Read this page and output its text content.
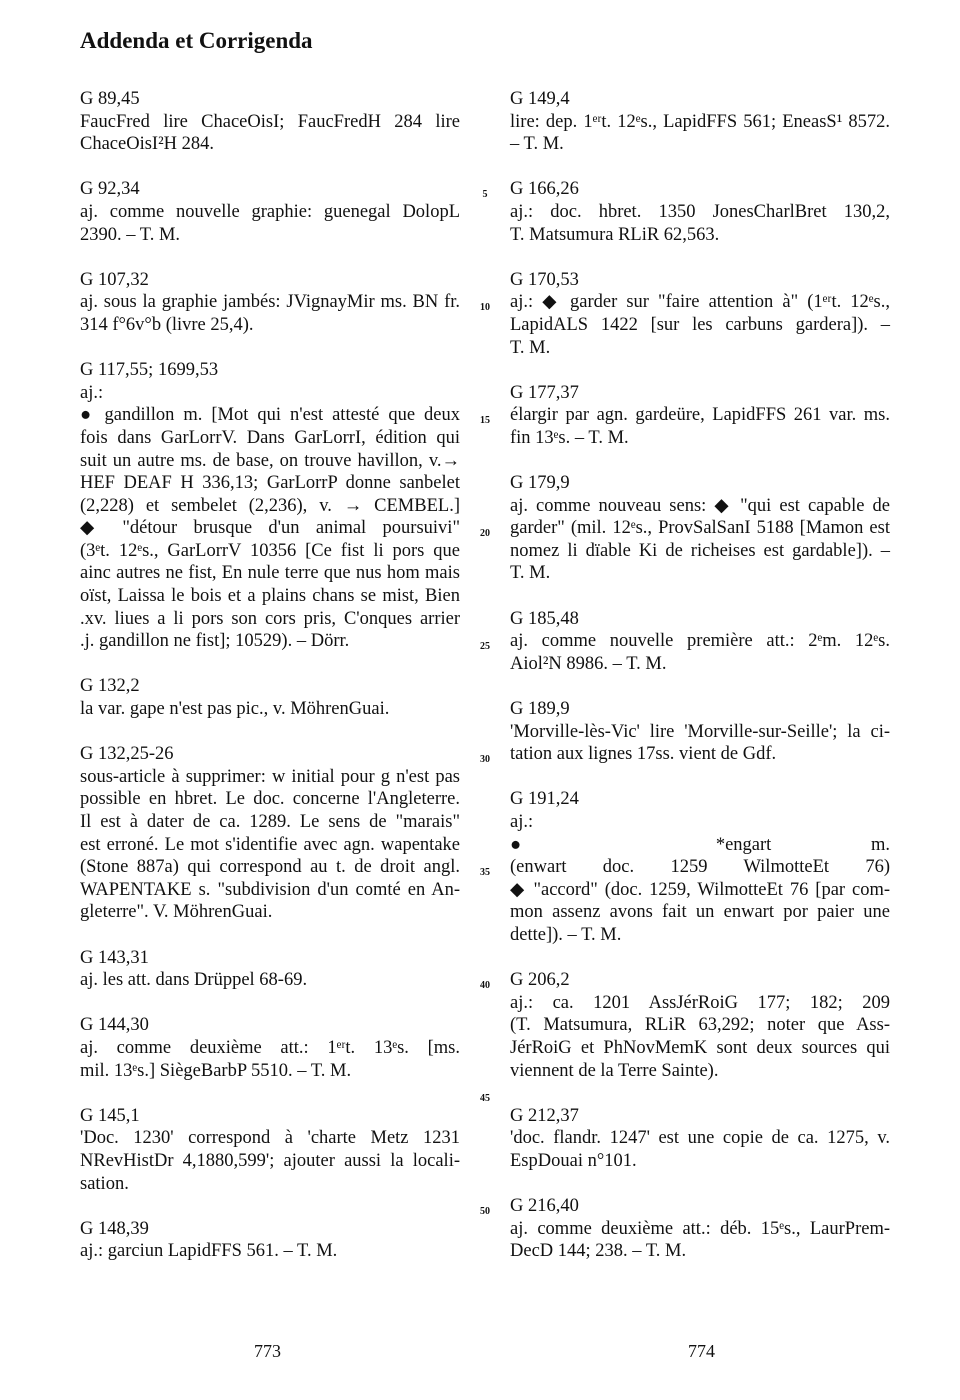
Addenda et Corrigenda
G 89,45
FaucFred lire ChaceOisI; FaucFredH 284 lire
ChaceOisI²H 284.
G 92,34
aj. comme nouvelle graphie: guenegal DolopL
2390. – T. M.
G 107,32
aj. sous la graphie jambés: JVignayMir ms. BN fr.
314 f°6v°b (livre 25,4).
G 117,55; 1699,53
aj.:
● gandillon m. [Mot qui n'est attesté que deux
fois dans GarLorrV. Dans GarLorrI, édition qui
suit un autre ms. de base, on trouve havillon, v.→
HEF DEAF H 336,13; GarLorrP donne sanbelet
(2,228) et sembelet (2,236), v. → CEMBEL.]
◆ "détour brusque d'un animal poursuivi"
(3ᵉt. 12ᵉs., GarLorrV 10356 [Ce fist li pors que
ainc autres ne fist, En nule terre que nus hom mais
oïst, Laissa le bois et a plains chans se mist, Bien
.xv. liues a li pors son cors pris, C'onques arrier
.j. gandillon ne fist]; 10529). – Dörr.
G 132,2
la var. gape n'est pas pic., v. MöhrenGuai.
G 132,25-26
sous-article à supprimer: w initial pour g n'est pas
possible en hbret. Le doc. concerne l'Angleterre.
Il est à dater de ca. 1289. Le sens de "marais"
est erroné. Le mot s'identifie avec agn. wapentake
(Stone 887a) qui correspond au t. de droit angl.
WAPENTAKE s. "subdivision d'un comté en An-
gleterre". V. MöhrenGuai.
G 143,31
aj. les att. dans Drüppel 68-69.
G 144,30
aj. comme deuxième att.: 1ᵉʳt. 13ᵉs. [ms.
mil. 13ᵉs.] SiègeBarbP 5510. – T. M.
G 145,1
'Doc. 1230' correspond à 'charte Metz 1231
NRevHistDr 4,1880,599'; ajouter aussi la locali-
sation.
G 148,39
aj.: garciun LapidFFS 561. – T. M.
G 149,4
lire: dep. 1ᵉʳt. 12ᵉs., LapidFFS 561; EneasS¹ 8572.
– T. M.
G 166,26
aj.: doc. hbret. 1350 JonesCharlBret 130,2,
T. Matsumura RLiR 62,563.
G 170,53
aj.: ◆ garder sur "faire attention à" (1ᵉʳt. 12ᵉs.,
LapidALS 1422 [sur les carbuns gardera]). –
T. M.
G 177,37
élargir par agn. gardeüre, LapidFFS 261 var. ms.
fin 13ᵉs. – T. M.
G 179,9
aj. comme nouveau sens: ◆ "qui est capable de
garder" (mil. 12ᵉs., ProvSalSanI 5188 [Mamon est
nomez li dïable Ki de richeises est gardable]). –
T. M.
G 185,48
aj. comme nouvelle première att.: 2ᵉm. 12ᵉs.
Aiol²N 8986. – T. M.
G 189,9
'Morville-lès-Vic' lire 'Morville-sur-Seille'; la ci-
tation aux lignes 17ss. vient de Gdf.
G 191,24
aj.:
● *engart m.
(enwart doc. 1259 WilmotteEt 76)
◆ "accord" (doc. 1259, WilmotteEt 76 [par com-
mon assenz avons fait un enwart por paier une
dette]). – T. M.
G 206,2
aj.: ca. 1201 AssJérRoiG 177; 182; 209
(T. Matsumura, RLiR 63,292; noter que Ass-
JérRoiG et PhNovMemK sont deux sources qui
viennent de la Terre Sainte).
G 212,37
'doc. flandr. 1247' est une copie de ca. 1275, v.
EspDouai n°101.
G 216,40
aj. comme deuxième att.: déb. 15ᵉs., LaurPrem-
DecD 144; 238. – T. M.
5
10
15
20
25
30
35
40
45
50
773	774
